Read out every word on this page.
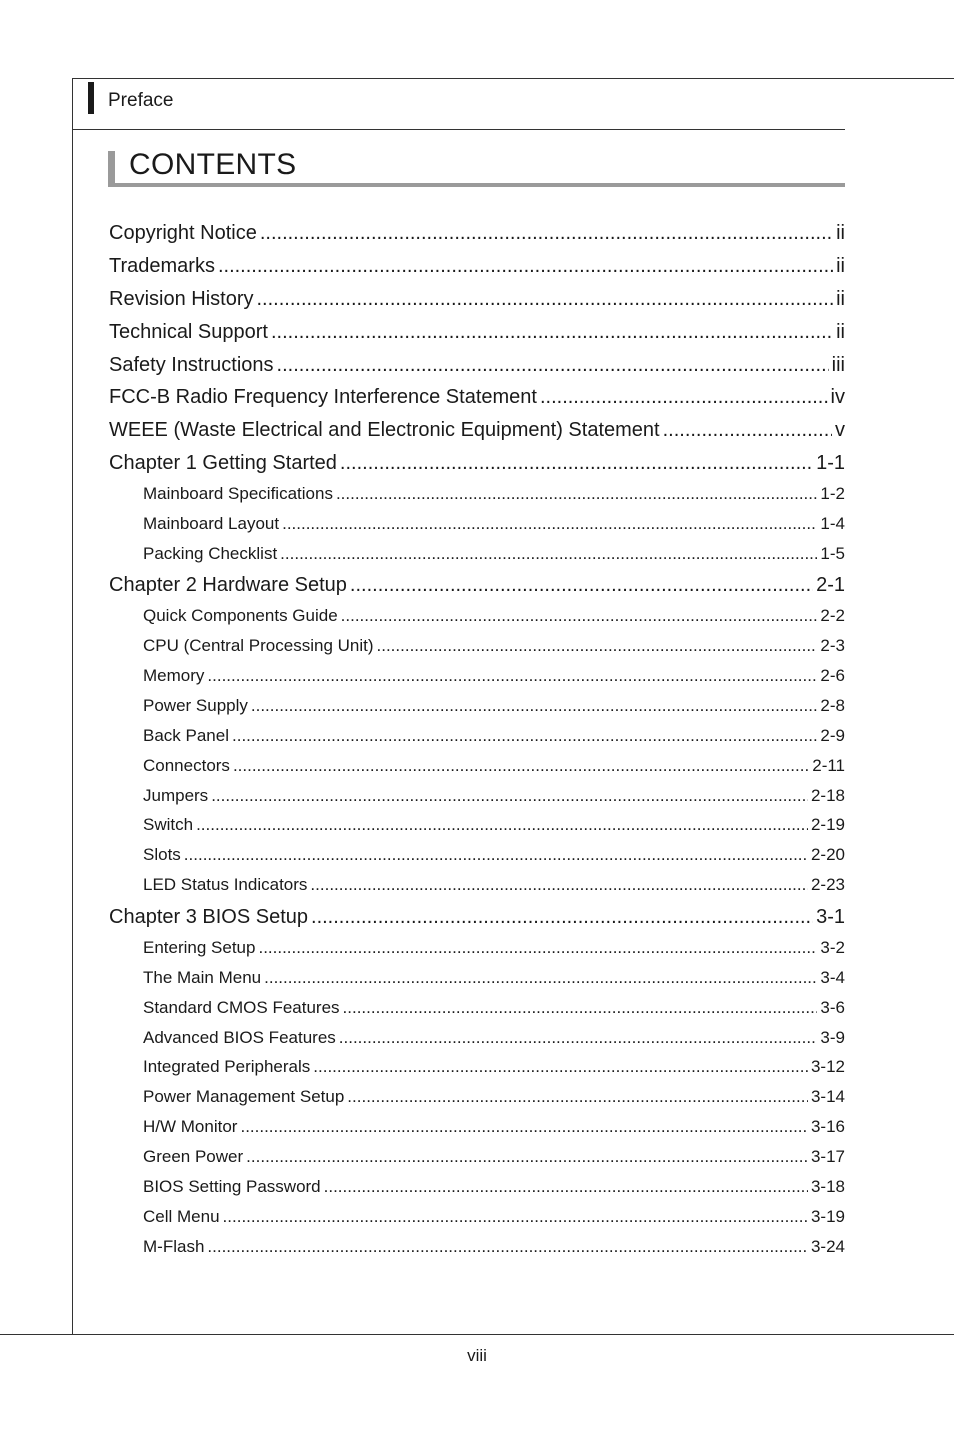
Preface
CONTENTS
Copyright Notice .....	ii
Trademarks .....	ii
Revision History .....	ii
Technical Support .....	ii
Safety Instructions .....	iii
FCC-B Radio Frequency Interference Statement .....	iv
WEEE (Waste Electrical and Electronic Equipment) Statement .....	v
Chapter 1 Getting Started .....	1-1
Mainboard Specifications .....	1-2
Mainboard Layout .....	1-4
Packing Checklist .....	1-5
Chapter 2 Hardware Setup .....	2-1
Quick Components Guide .....	2-2
CPU (Central Processing Unit) .....	2-3
Memory .....	2-6
Power Supply .....	2-8
Back Panel .....	2-9
Connectors .....	2-11
Jumpers .....	2-18
Switch .....	2-19
Slots .....	2-20
LED Status Indicators .....	2-23
Chapter 3 BIOS Setup .....	3-1
Entering Setup .....	3-2
The Main Menu .....	3-4
Standard CMOS Features .....	3-6
Advanced BIOS Features .....	3-9
Integrated Peripherals .....	3-12
Power Management Setup .....	3-14
H/W Monitor .....	3-16
Green Power .....	3-17
BIOS Setting Password .....	3-18
Cell Menu .....	3-19
M-Flash .....	3-24
viii
